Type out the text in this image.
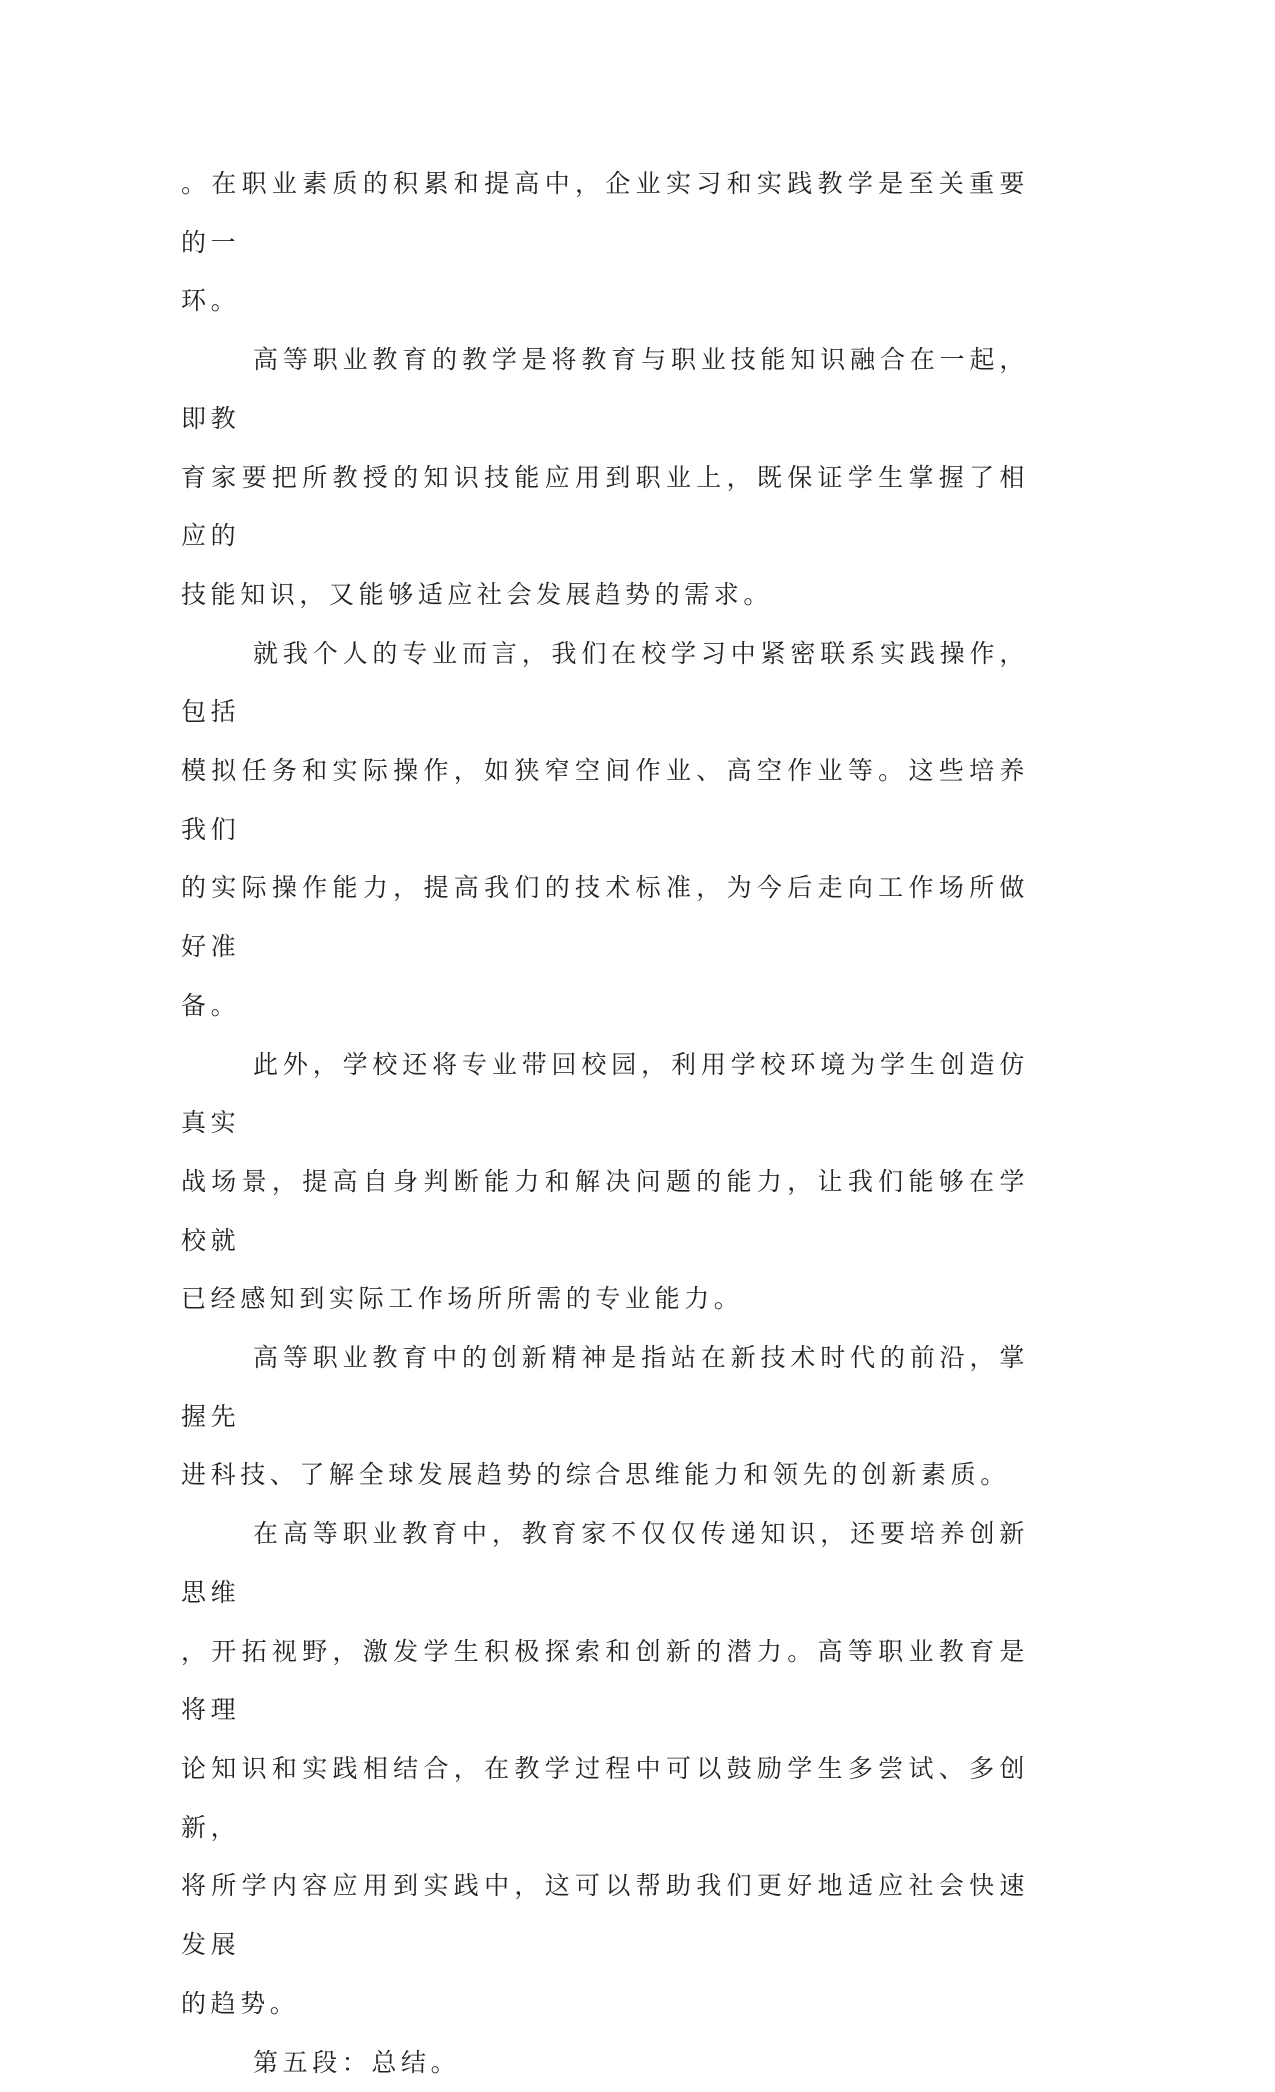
。在职业素质的积累和提高中，企业实习和实践教学是至关重要的一
环。

高等职业教育的教学是将教育与职业技能知识融合在一起，即教
育家要把所教授的知识技能应用到职业上，既保证学生掌握了相应的
技能知识，又能够适应社会发展趋势的需求。

就我个人的专业而言，我们在校学习中紧密联系实践操作，包括
模拟任务和实际操作，如狭窄空间作业、高空作业等。这些培养我们
的实际操作能力，提高我们的技术标准，为今后走向工作场所做好准
备。

此外，学校还将专业带回校园，利用学校环境为学生创造仿真实
战场景，提高自身判断能力和解决问题的能力，让我们能够在学校就
已经感知到实际工作场所所需的专业能力。

高等职业教育中的创新精神是指站在新技术时代的前沿，掌握先
进科技、了解全球发展趋势的综合思维能力和领先的创新素质。

在高等职业教育中，教育家不仅仅传递知识，还要培养创新思维
，开拓视野，激发学生积极探索和创新的潜力。高等职业教育是将理
论知识和实践相结合，在教学过程中可以鼓励学生多尝试、多创新，
将所学内容应用到实践中，这可以帮助我们更好地适应社会快速发展
的趋势。

第五段：总结。
